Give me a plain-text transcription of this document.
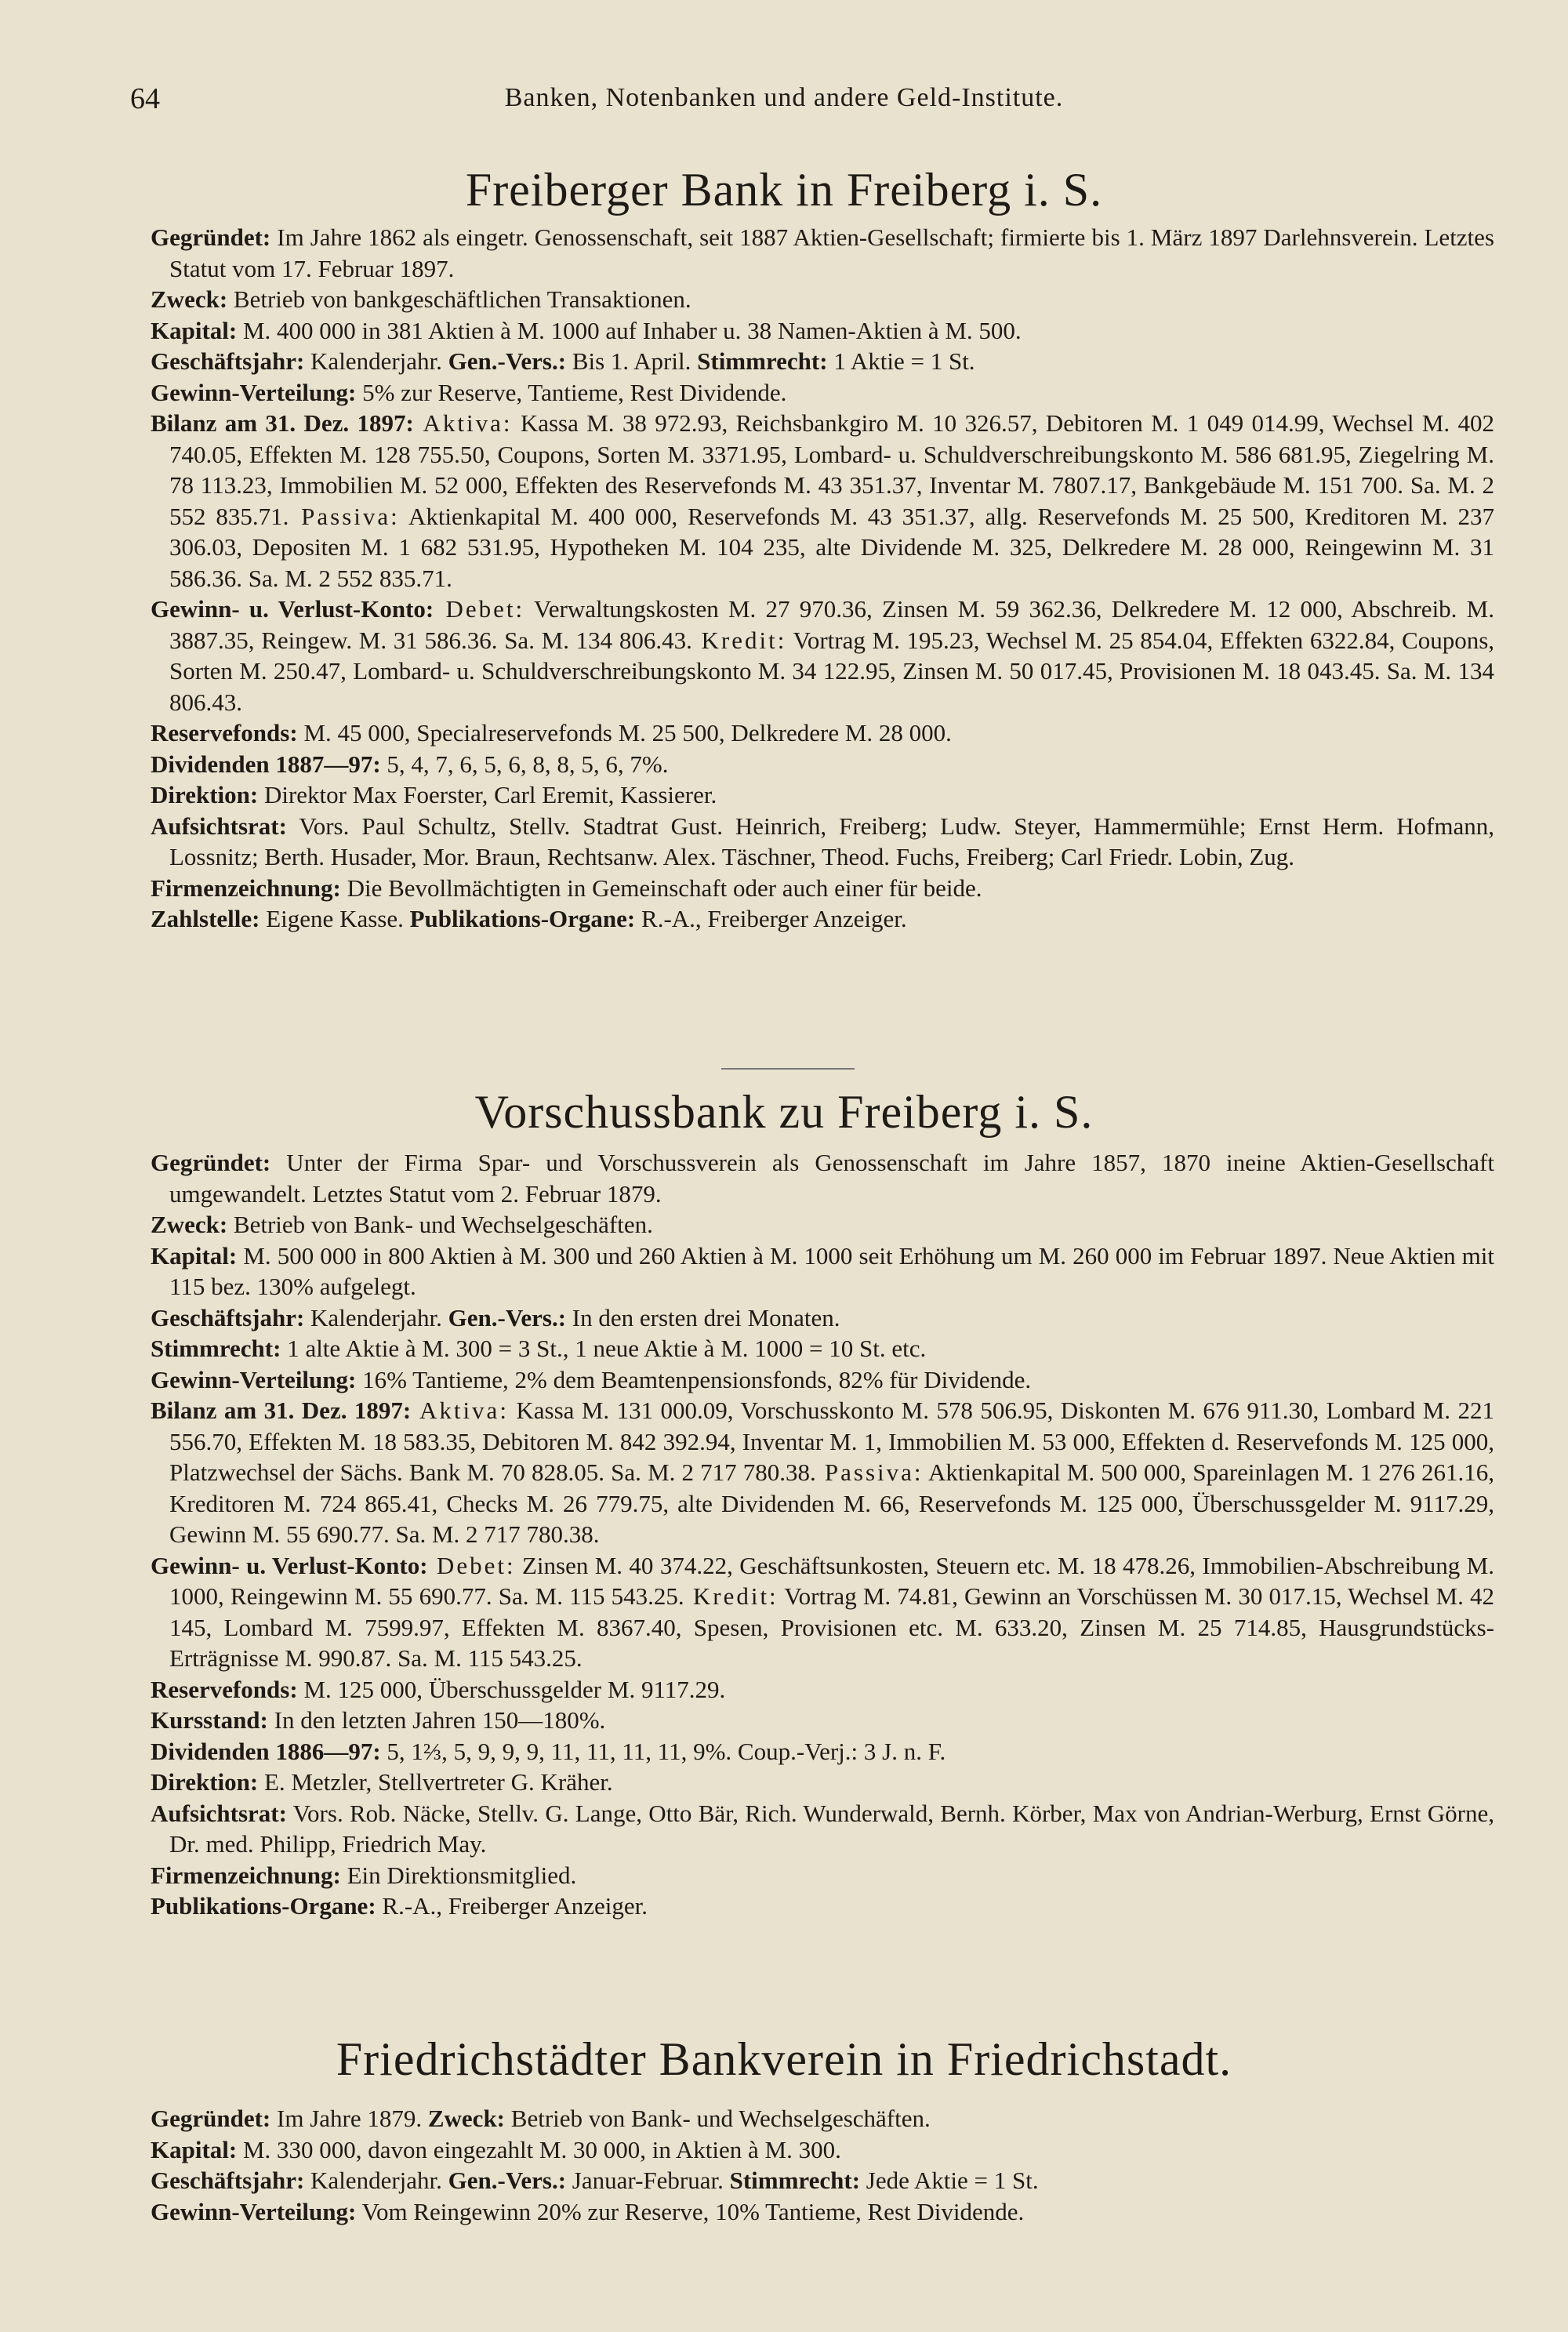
64	Banken, Notenbanken und andere Geld-Institute.
Freiberger Bank in Freiberg i. S.

Gegründet: Im Jahre 1862 als eingetr. Genossenschaft, seit 1887 Aktien-Gesellschaft; firmierte bis 1. März 1897 Darlehnsverein. Letztes Statut vom 17. Februar 1897.

Zweck: Betrieb von bankgeschäftlichen Transaktionen.

Kapital: M. 400 000 in 381 Aktien à M. 1000 auf Inhaber u. 38 Namen-Aktien à M. 500.

Geschäftsjahr: Kalenderjahr. Gen.-Vers.: Bis 1. April. Stimmrecht: 1 Aktie = 1 St.

Gewinn-Verteilung: 5% zur Reserve, Tantieme, Rest Dividende.

Bilanz am 31. Dez. 1897: Aktiva: Kassa M. 38 972.93, Reichsbankgiro M. 10 326.57, Debitoren M. 1 049 014.99, Wechsel M. 402 740.05, Effekten M. 128 755.50, Coupons, Sorten M. 3371.95, Lombard- u. Schuldverschreibungskonto M. 586 681.95, Ziegelring M. 78 113.23, Immobilien M. 52 000, Effekten des Reservefonds M. 43 351.37, Inventar M. 7807.17, Bankgebäude M. 151 700. Sa. M. 2 552 835.71. Passiva: Aktienkapital M. 400 000, Reservefonds M. 43 351.37, allg. Reservefonds M. 25 500, Kreditoren M. 237 306.03, Depositen M. 1 682 531.95, Hypotheken M. 104 235, alte Dividende M. 325, Delkredere M. 28 000, Reingewinn M. 31 586.36. Sa. M. 2 552 835.71.

Gewinn- u. Verlust-Konto: Debet: Verwaltungskosten M. 27 970.36, Zinsen M. 59 362.36, Delkredere M. 12 000, Abschreib. M. 3887.35, Reingew. M. 31 586.36. Sa. M. 134 806.43. Kredit: Vortrag M. 195.23, Wechsel M. 25 854.04, Effekten 6322.84, Coupons, Sorten M. 250.47, Lombard- u. Schuldverschreibungskonto M. 34 122.95, Zinsen M. 50 017.45, Provisionen M. 18 043.45. Sa. M. 134 806.43.

Reservefonds: M. 45 000, Specialreservefonds M. 25 500, Delkredere M. 28 000.

Dividenden 1887—97: 5, 4, 7, 6, 5, 6, 8, 8, 5, 6, 7%.

Direktion: Direktor Max Foerster, Carl Eremit, Kassierer.

Aufsichtsrat: Vors. Paul Schultz, Stellv. Stadtrat Gust. Heinrich, Freiberg; Ludw. Steyer, Hammermühle; Ernst Herm. Hofmann, Lossnitz; Berth. Husader, Mor. Braun, Rechtsanw. Alex. Täschner, Theod. Fuchs, Freiberg; Carl Friedr. Lobin, Zug.

Firmenzeichnung: Die Bevollmächtigten in Gemeinschaft oder auch einer für beide.

Zahlstelle: Eigene Kasse. Publikations-Organe: R.-A., Freiberger Anzeiger.

Vorschussbank zu Freiberg i. S.

Gegründet: Unter der Firma Spar- und Vorschussverein als Genossenschaft im Jahre 1857, 1870 ineine Aktien-Gesellschaft umgewandelt. Letztes Statut vom 2. Februar 1879.

Zweck: Betrieb von Bank- und Wechselgeschäften.

Kapital: M. 500 000 in 800 Aktien à M. 300 und 260 Aktien à M. 1000 seit Erhöhung um M. 260 000 im Februar 1897. Neue Aktien mit 115 bez. 130% aufgelegt.

Geschäftsjahr: Kalenderjahr. Gen.-Vers.: In den ersten drei Monaten.

Stimmrecht: 1 alte Aktie à M. 300 = 3 St., 1 neue Aktie à M. 1000 = 10 St. etc.

Gewinn-Verteilung: 16% Tantieme, 2% dem Beamtenpensionsfonds, 82% für Dividende.

Bilanz am 31. Dez. 1897: Aktiva: Kassa M. 131 000.09, Vorschusskonto M. 578 506.95, Diskonten M. 676 911.30, Lombard M. 221 556.70, Effekten M. 18 583.35, Debitoren M. 842 392.94, Inventar M. 1, Immobilien M. 53 000, Effekten d. Reservefonds M. 125 000, Platzwechsel der Sächs. Bank M. 70 828.05. Sa. M. 2 717 780.38. Passiva: Aktienkapital M. 500 000, Spareinlagen M. 1 276 261.16, Kreditoren M. 724 865.41, Checks M. 26 779.75, alte Dividenden M. 66, Reservefonds M. 125 000, Überschussgelder M. 9117.29, Gewinn M. 55 690.77. Sa. M. 2 717 780.38.

Gewinn- u. Verlust-Konto: Debet: Zinsen M. 40 374.22, Geschäftsunkosten, Steuern etc. M. 18 478.26, Immobilien-Abschreibung M. 1000, Reingewinn M. 55 690.77. Sa. M. 115 543.25. Kredit: Vortrag M. 74.81, Gewinn an Vorschüssen M. 30 017.15, Wechsel M. 42 145, Lombard M. 7599.97, Effekten M. 8367.40, Spesen, Provisionen etc. M. 633.20, Zinsen M. 25 714.85, Hausgrundstücks-Erträgnisse M. 990.87. Sa. M. 115 543.25.

Reservefonds: M. 125 000, Überschussgelder M. 9117.29.

Kursstand: In den letzten Jahren 150—180%.

Dividenden 1886—97: 5, 1⅔, 5, 9, 9, 9, 11, 11, 11, 11, 9%. Coup.-Verj.: 3 J. n. F.

Direktion: E. Metzler, Stellvertreter G. Kräher.

Aufsichtsrat: Vors. Rob. Näcke, Stellv. G. Lange, Otto Bär, Rich. Wunderwald, Bernh. Körber, Max von Andrian-Werburg, Ernst Görne, Dr. med. Philipp, Friedrich May.

Firmenzeichnung: Ein Direktionsmitglied.

Publikations-Organe: R.-A., Freiberger Anzeiger.

Friedrichstädter Bankverein in Friedrichstadt.

Gegründet: Im Jahre 1879. Zweck: Betrieb von Bank- und Wechselgeschäften.

Kapital: M. 330 000, davon eingezahlt M. 30 000, in Aktien à M. 300.

Geschäftsjahr: Kalenderjahr. Gen.-Vers.: Januar-Februar. Stimmrecht: Jede Aktie = 1 St.

Gewinn-Verteilung: Vom Reingewinn 20% zur Reserve, 10% Tantieme, Rest Dividende.
